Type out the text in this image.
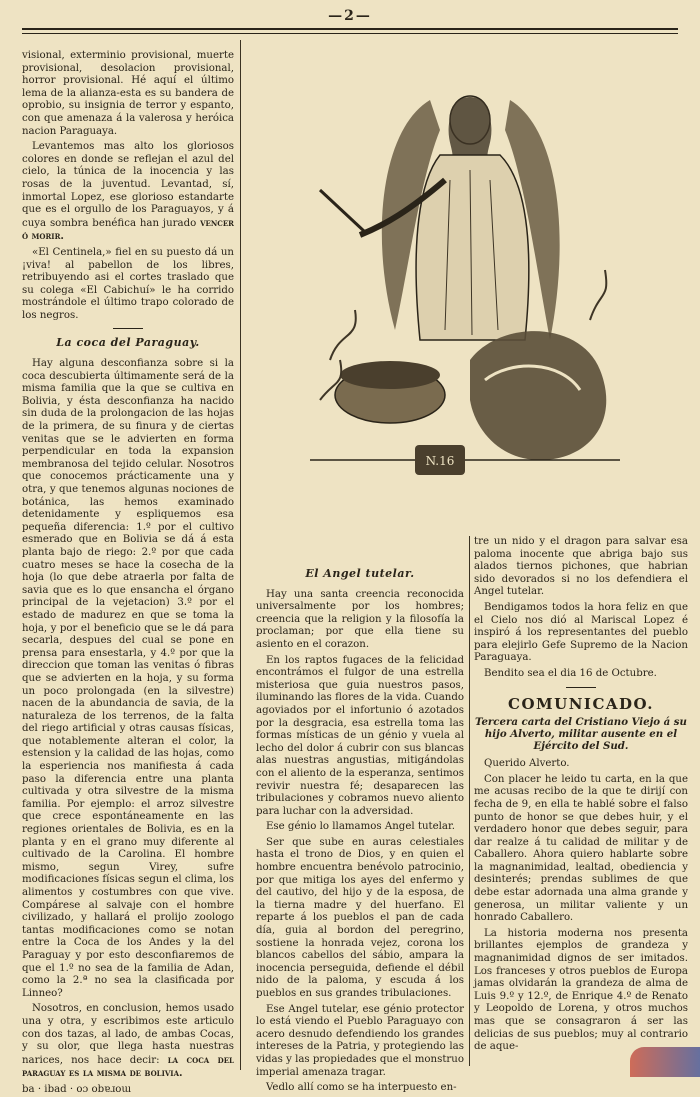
—2—

visional, exterminio provisional, muerte provisional, desolacion provisional, horror provisional. Hé aquí el último lema de la alianza-esta es su bandera de oprobio, su insignia de terror y espanto, con que amenaza á la valerosa y heróica nacion Paraguaya.

Levantemos mas alto los gloriosos colores en donde se reflejan el azul del cielo, la túnica de la inocencia y las rosas de la juventud. Levantad, sí, inmortal Lopez, ese glorioso estandarte que es el orgullo de los Paraguayos, y á cuya sombra benéfica han jurado vencer ó morir.

«El Centinela,» fiel en su puesto dá un ¡viva! al pabellon de los libres, retribuyendo asi el cortes traslado que su colega «El Cabichuí» le ha corrido mostrándole el último trapo colorado de los negros.

La coca del Paraguay.

Hay alguna desconfianza sobre si la coca descubierta últimamente será de la misma familia que la que se cultiva en Bolivia, y ésta desconfianza ha nacido sin duda de la prolongacion de las hojas de la primera, de su finura y de ciertas venitas que se le advierten en forma perpendicular en toda la expansion membranosa del tejido celular. Nosotros que conocemos prácticamente una y otra, y que tenemos algunas nociones de botánica, las hemos examinado detenidamente y espliquemos esa pequeña diferencia: 1.º por el cultivo esmerado que en Bolivia se dá á esta planta bajo de riego: 2.º por que cada cuatro meses se hace la cosecha de la hoja (lo que debe atraerla por falta de savia que es lo que ensancha el órgano principal de la vejetacion) 3.º por el estado de madurez en que se toma la hoja, y por el beneficio que se le dá para secarla, despues del cual se pone en prensa para ensestarla, y 4.º por que la direccion que toman las venitas ó fibras que se advierten en la hoja, y su forma un poco prolongada (en la silvestre) nacen de la abundancia de savia, de la naturaleza de los terrenos, de la falta del riego artificial y otras causas físicas, que notablemente alteran el color, la estension y la calidad de las hojas, como la esperiencia nos manifiesta á cada paso la diferencia entre una planta cultivada y otra silvestre de la misma familia. Por ejemplo: el arroz silvestre que crece espontáneamente en las regiones orientales de Bolivia, es en la planta y en el grano muy diferente al cultivado de la Carolina. El hombre mismo, segun Virey, sufre modificaciones físicas segun el clima, los alimentos y costumbres con que vive. Compárese al salvaje con el hombre civilizado, y hallará el prolijo zoologo tantas modificaciones como se notan entre la Coca de los Andes y la del Paraguay y por esto desconfiaremos de que el 1.º no sea de la familia de Adan, como la 2.ª no sea la clasificada por Linneo?

Nosotros, en conclusion, hemos usado una y otra, y escribimos este articulo con dos tazas, al lado, de ambas Cocas, y su olor, que llega hasta nuestras narices, nos hace decir: la coca del paraguay es la misma de bolivia.

ba · ibad · oɔ obɐɹoɯ

N.16
El Angel tutelar.

Hay una santa creencia reconocida universalmente por los hombres; creencia que la religion y la filosofía la proclaman; por que ella tiene su asiento en el corazon.

En los raptos fugaces de la felicidad encontrámos el fulgor de una estrella misteriosa que guia nuestros pasos, iluminando las flores de la vida. Cuando agoviados por el infortunio ó azotados por la desgracia, esa estrella toma las formas místicas de un génio y vuela al lecho del dolor á cubrir con sus blancas alas nuestras angustias, mitigándolas con el aliento de la esperanza, sentimos revivir nuestra fé; desaparecen las tribulaciones y cobramos nuevo aliento para luchar con la adversidad.

Ese génio lo llamamos Angel tutelar.

Ser que sube en auras celestiales hasta el trono de Dios, y en quien el hombre encuentra benévolo patrocinio, por que mitiga los ayes del enfermo y del cautivo, del hijo y de la esposa, de la tierna madre y del huerfano. El reparte á los pueblos el pan de cada día, guia al bordon del peregrino, sostiene la honrada vejez, corona los blancos cabellos del sábio, ampara la inocencia perseguida, defiende el débil nido de la paloma, y escuda á los pueblos en sus grandes tribulaciones.

Ese Angel tutelar, ese génio protector lo está viendo el Pueblo Paraguayo con acero desnudo defendiendo los grandes intereses de la Patria, y protegiendo las vidas y las propiedades que el monstruo imperial amenaza tragar.

Vedlo allí como se ha interpuesto en-

tre un nido y el dragon para salvar esa paloma inocente que abriga bajo sus alados tiernos pichones, que habrian sido devorados si no los defendiera el Angel tutelar.

Bendigamos todos la hora feliz en que el Cielo nos dió al Mariscal Lopez é inspiró á los representantes del pueblo para elejirlo Gefe Supremo de la Nacion Paraguaya.

Bendito sea el dia 16 de Octubre.

COMUNICADO.
Tercera carta del Cristiano Viejo á su hijo Alverto, militar ausente en el Ejército del Sud.

Querido Alverto.

Con placer he leido tu carta, en la que me acusas recibo de la que te dirijí con fecha de 9, en ella te hablé sobre el falso punto de honor se que debes huir, y el verdadero honor que debes seguir, para dar realze á tu calidad de militar y de Caballero. Ahora quiero hablarte sobre la magnanimidad, lealtad, obediencia y desinterés; prendas sublimes de que debe estar adornada una alma grande y generosa, un militar valiente y un honrado Caballero.

La historia moderna nos presenta brillantes ejemplos de grandeza y magnanimidad dignos de ser imitados. Los franceses y otros pueblos de Europa jamas olvidarán la grandeza de alma de Luis 9.º y 12.º, de Enrique 4.º de Renato y Leopoldo de Lorena, y otros muchos mas que se consagraron á ser las delicias de sus pueblos; muy al contrario de aque-
